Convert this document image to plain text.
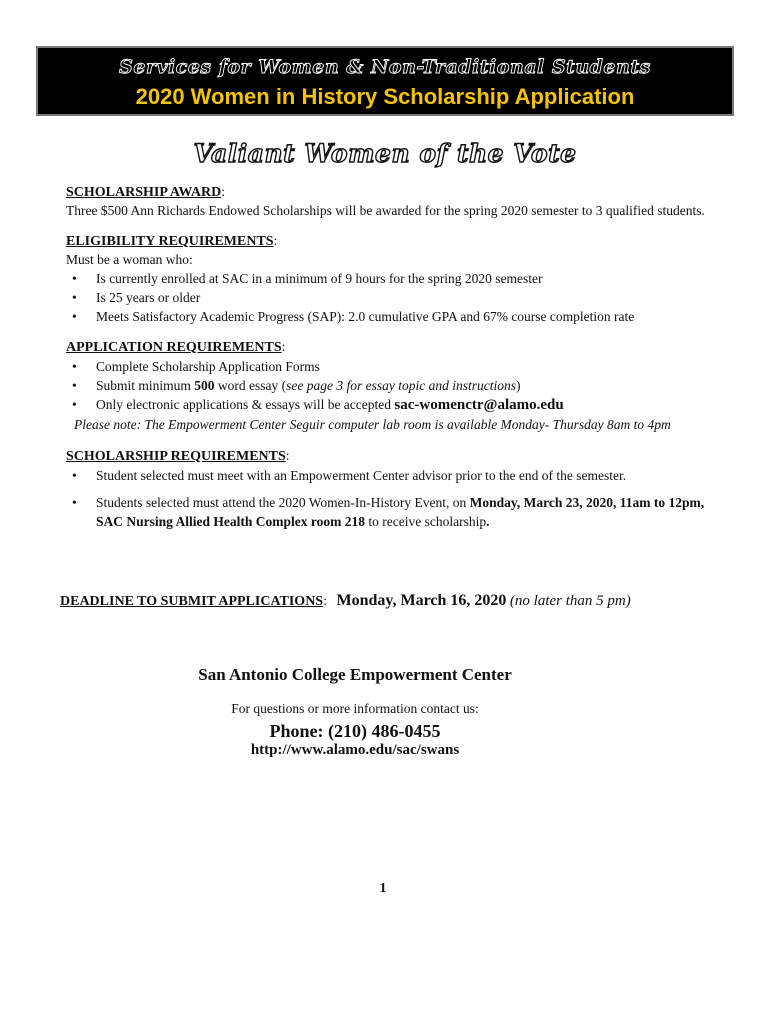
Services for Women & Non-Traditional Students
2020 Women in History Scholarship Application
Valiant Women of the Vote
SCHOLARSHIP AWARD:

Three $500 Ann Richards Endowed Scholarships will be awarded for the spring 2020 semester to 3 qualified students.

ELIGIBILITY REQUIREMENTS:

Must be a woman who:

• Is currently enrolled at SAC in a minimum of 9 hours for the spring 2020 semester
• Is 25 years or older
• Meets Satisfactory Academic Progress (SAP): 2.0 cumulative GPA and 67% course completion rate
APPLICATION REQUIREMENTS:
• Complete Scholarship Application Forms
• Submit minimum 500 word essay (see page 3 for essay topic and instructions)
• Only electronic applications & essays will be accepted sac-womenctr@alamo.edu
Please note: The Empowerment Center Seguir computer lab room is available Monday- Thursday 8am to 4pm
SCHOLARSHIP REQUIREMENTS:
• Student selected must meet with an Empowerment Center advisor prior to the end of the semester.
• Students selected must attend the 2020 Women-In-History Event, on Monday, March 23, 2020, 11am to 12pm, SAC Nursing Allied Health Complex room 218 to receive scholarship.
DEADLINE TO SUBMIT APPLICATIONS: Monday, March 16, 2020 (no later than 5 pm)
San Antonio College Empowerment Center
For questions or more information contact us:
Phone: (210) 486-0455
http://www.alamo.edu/sac/swans
1
